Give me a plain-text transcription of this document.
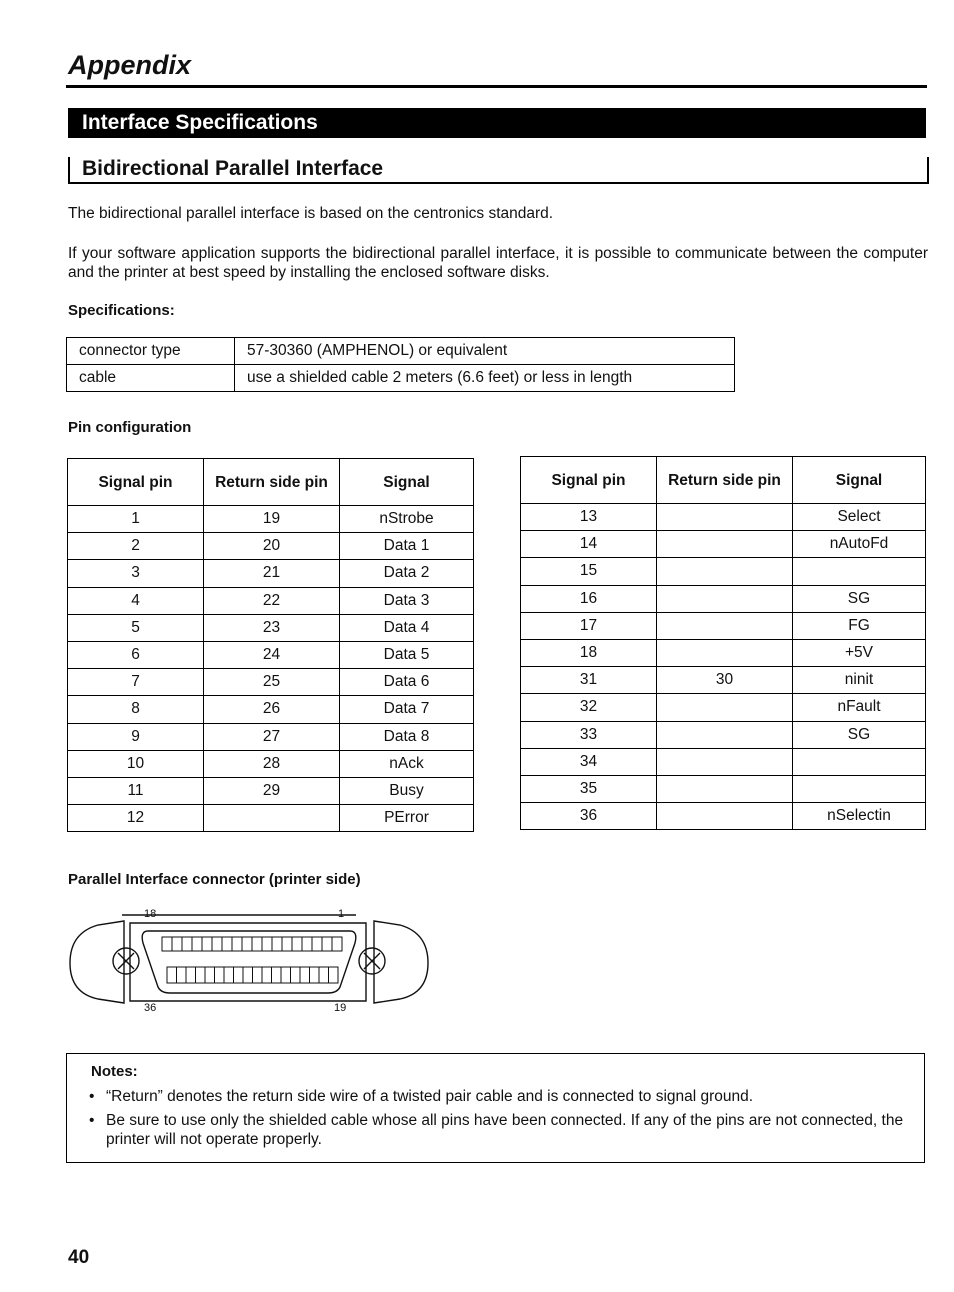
Appendix
Interface Specifications
Bidirectional Parallel Interface
The bidirectional parallel interface is based on the centronics standard.
If your software application supports the bidirectional parallel interface, it is possible to communicate between the computer and the printer at best speed by installing the enclosed software disks.
Specifications:
connector type	57-30360 (AMPHENOL) or equivalent
cable	use a shielded cable 2 meters (6.6 feet) or less in length
Pin configuration
Signal pin	Return side pin	Signal
1	19	nStrobe
2	20	Data 1
3	21	Data 2
4	22	Data 3
5	23	Data 4
6	24	Data 5
7	25	Data 6
8	26	Data 7
9	27	Data 8
10	28	nAck
11	29	Busy
12		PError
Signal pin	Return side pin	Signal
13		Select
14		nAutoFd
15		
16		SG
17		FG
18		+5V
31	30	ninit
32		nFault
33		SG
34		
35		
36		nSelectin
Parallel Interface connector (printer side)
18	1
36	19
Notes:
• “Return” denotes the return side wire of a twisted pair cable and is connected to signal ground.
• Be sure to use only the shielded cable whose all pins have been connected. If any of the pins are not connected, the printer will not operate properly.
40
